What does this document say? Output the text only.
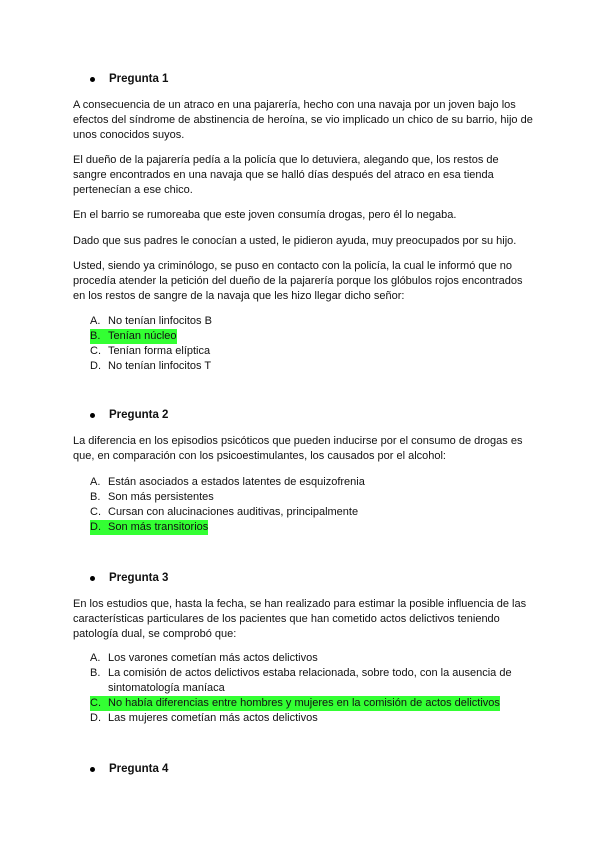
Pregunta 1
A consecuencia de un atraco en una pajarería, hecho con una navaja por un joven bajo los efectos del síndrome de abstinencia de heroína, se vio implicado un chico de su barrio, hijo de unos conocidos suyos.
El dueño de la pajarería pedía a la policía que lo detuviera, alegando que, los restos de sangre encontrados en una navaja que se halló días después del atraco en esa tienda pertenecían a ese chico.
En el barrio se rumoreaba que este joven consumía drogas, pero él lo negaba.
Dado que sus padres le conocían a usted, le pidieron ayuda, muy preocupados por su hijo.
Usted, siendo ya criminólogo, se puso en contacto con la policía, la cual le informó que no procedía atender la petición del dueño de la pajarería porque los glóbulos rojos encontrados en los restos de sangre de la navaja que les hizo llegar dicho señor:
A. No tenían linfocitos B
B. Tenían núcleo
C. Tenían forma elíptica
D. No tenían linfocitos T
Pregunta 2
La diferencia en los episodios psicóticos que pueden inducirse por el consumo de drogas es que, en comparación con los psicoestimulantes, los causados por el alcohol:
A. Están asociados a estados latentes de esquizofrenia
B. Son más persistentes
C. Cursan con alucinaciones auditivas, principalmente
D. Son más transitorios
Pregunta 3
En los estudios que, hasta la fecha, se han realizado para estimar la posible influencia de las características particulares de los pacientes que han cometido actos delictivos teniendo patología dual, se comprobó que:
A. Los varones cometían más actos delictivos
B. La comisión de actos delictivos estaba relacionada, sobre todo, con la ausencia de sintomatología maníaca
C. No había diferencias entre hombres y mujeres en la comisión de actos delictivos
D. Las mujeres cometían más actos delictivos
Pregunta 4
